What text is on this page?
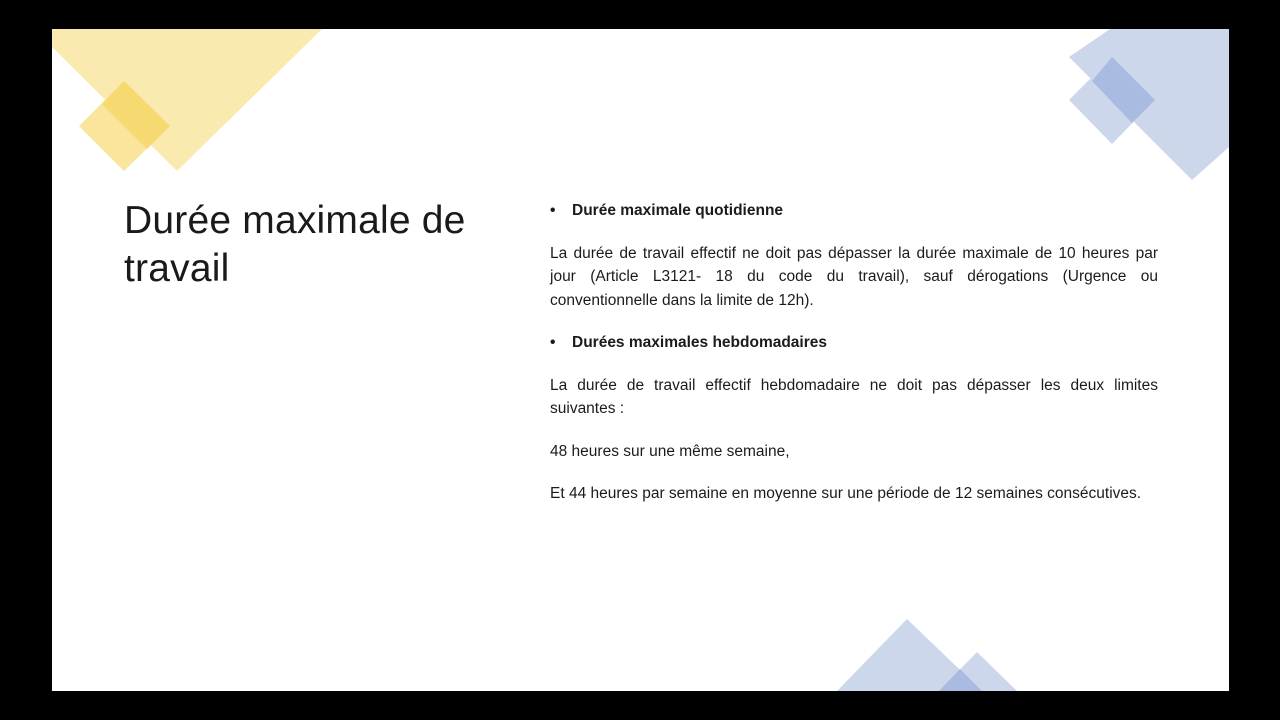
Durée maximale de travail
•	Durée maximale quotidienne

La durée de travail effectif ne doit pas dépasser la durée maximale de 10 heures par jour (Article L3121- 18 du code du travail), sauf dérogations (Urgence ou conventionnelle dans la limite de 12h).

•	Durées maximales hebdomadaires

La durée de travail effectif hebdomadaire ne doit pas dépasser les deux limites suivantes :

48 heures sur une même semaine,

Et 44 heures par semaine en moyenne sur une période de 12 semaines consécutives.
